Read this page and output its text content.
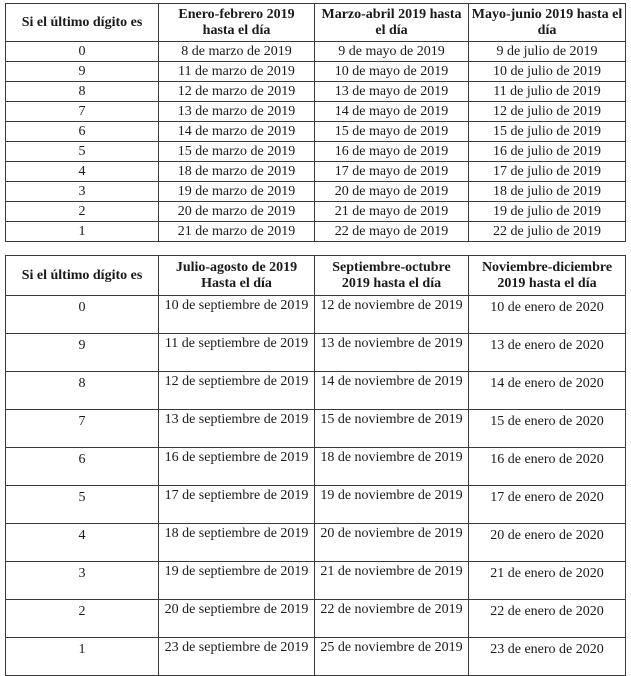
Si el último dígito es	Enero-febrero 2019 hasta el día	Marzo-abril 2019 hasta el día	Mayo-junio 2019 hasta el día
0	8 de marzo de 2019	9 de mayo de 2019	9 de julio de 2019
9	11 de marzo de 2019	10 de mayo de 2019	10 de julio de 2019
8	12 de marzo de 2019	13 de mayo de 2019	11 de julio de 2019
7	13 de marzo de 2019	14 de mayo de 2019	12 de julio de 2019
6	14 de marzo de 2019	15 de mayo de 2019	15 de julio de 2019
5	15 de marzo de 2019	16 de mayo de 2019	16 de julio de 2019
4	18 de marzo de 2019	17 de mayo de 2019	17 de julio de 2019
3	19 de marzo de 2019	20 de mayo de 2019	18 de julio de 2019
2	20 de marzo de 2019	21 de mayo de 2019	19 de julio de 2019
1	21 de marzo de 2019	22 de mayo de 2019	22 de julio de 2019
Si el último dígito es	Julio-agosto de 2019 Hasta el día	Septiembre-octubre 2019 hasta el día	Noviembre-diciembre 2019 hasta el día
0	10 de septiembre de 2019	12 de noviembre de 2019	10 de enero de 2020
9	11 de septiembre de 2019	13 de noviembre de 2019	13 de enero de 2020
8	12 de septiembre de 2019	14 de noviembre de 2019	14 de enero de 2020
7	13 de septiembre de 2019	15 de noviembre de 2019	15 de enero de 2020
6	16 de septiembre de 2019	18 de noviembre de 2019	16 de enero de 2020
5	17 de septiembre de 2019	19 de noviembre de 2019	17 de enero de 2020
4	18 de septiembre de 2019	20 de noviembre de 2019	20 de enero de 2020
3	19 de septiembre de 2019	21 de noviembre de 2019	21 de enero de 2020
2	20 de septiembre de 2019	22 de noviembre de 2019	22 de enero de 2020
1	23 de septiembre de 2019	25 de noviembre de 2019	23 de enero de 2020
